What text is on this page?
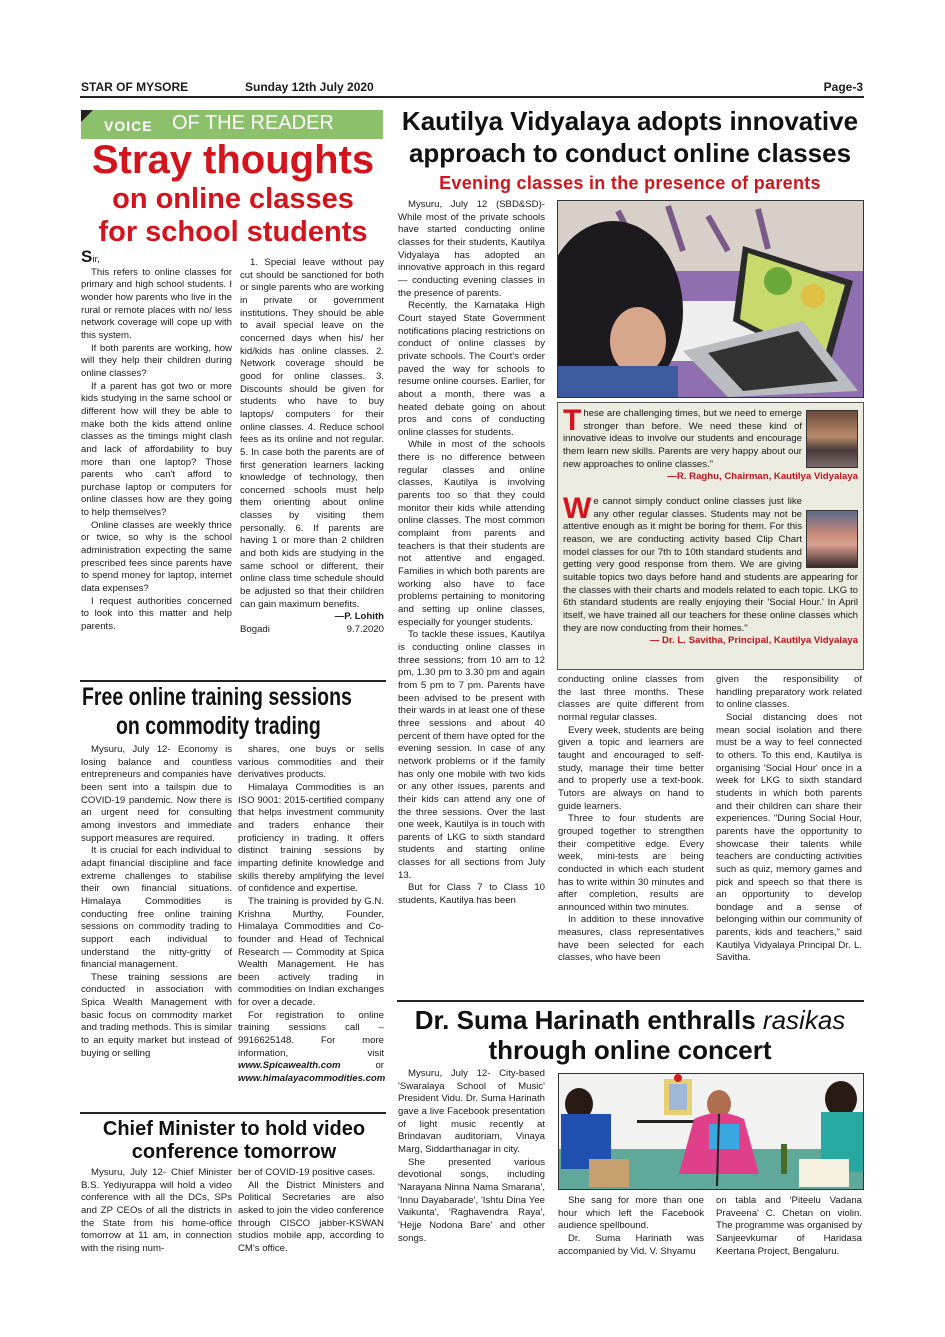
STAR OF MYSORE	Sunday 12th July 2020	Page-3
VOICE OF THE READER
Stray thoughts
on online classes
for school students

Sir,

This refers to online classes for primary and high school students. I wonder how parents who live in the rural or remote places with no/ less network coverage will cope up with this system.

If both parents are working, how will they help their children during online classes?

If a parent has got two or more kids studying in the same school or different how will they be able to make both the kids attend online classes as the timings might clash and lack of affordability to buy more than one laptop? Those parents who can't afford to purchase laptop or computers for online classes how are they going to help themselves?

Online classes are weekly thrice or twice, so why is the school administration expecting the same prescribed fees since parents have to spend money for laptop, internet data expenses?

I request authorities concerned to look into this matter and help parents.

1. Special leave without pay cut should be sanctioned for both or single parents who are working in private or government institutions. They should be able to avail special leave on the concerned days when his/ her kid/kids has online classes. 2. Network coverage should be good for online classes. 3. Discounts should be given for students who have to buy laptops/ computers for their online classes. 4. Reduce school fees as its online and not regular. 5. In case both the parents are of first generation learners lacking knowledge of technology, then concerned schools must help them orienting about online classes by visiting them personally. 6. If parents are having 1 or more than 2 children and both kids are studying in the same school or different, their online class time schedule should be adjusted so that their children can gain maximum benefits.

—P. Lohith
Bogadi	9.7.2020
Free online training sessions
on commodity trading

Mysuru, July 12- Economy is losing balance and countless entrepreneurs and companies have been sent into a tailspin due to COVID-19 pandemic. Now there is an urgent need for consulting among investors and immediate support measures are required.

It is crucial for each individual to adapt financial discipline and face extreme challenges to stabilise their own financial situations. Himalaya Commodities is conducting free online training sessions on commodity trading to support each individual to understand the nitty-gritty of financial management.

These training sessions are conducted in association with Spica Wealth Management with basic focus on commodity market and trading methods. This is similar to an equity market but instead of buying or selling

shares, one buys or sells various commodities and their derivatives products.

Himalaya Commodities is an ISO 9001: 2015-certified company that helps investment community and traders enhance their proficiency in trading. It offers distinct training sessions by imparting definite knowledge and skills thereby amplifying the level of confidence and expertise.

The training is provided by G.N. Krishna Murthy, Founder, Himalaya Commodities and Co-founder and Head of Technical Research — Commodity at Spica Wealth Management. He has been actively trading in commodities on Indian exchanges for over a decade.

For registration to online training sessions call – 9916625148. For more information, visit www.Spicawealth.com or www.himalayacommodities.com

Chief Minister to hold video
conference tomorrow

Mysuru, July 12- Chief Minister B.S. Yediyurappa will hold a video conference with all the DCs, SPs and ZP CEOs of all the districts in the State from his home-office tomorrow at 11 am, in connection with the rising num-

ber of COVID-19 positive cases.

All the District Ministers and Political Secretaries are also asked to join the video conference through CISCO jabber-KSWAN studios mobile app, according to CM's office.

Kautilya Vidyalaya adopts innovative
approach to conduct online classes
Evening classes in the presence of parents

Mysuru, July 12 (SBD&SD)- While most of the private schools have started conducting online classes for their students, Kautilya Vidyalaya has adopted an innovative approach in this regard — conducting evening classes in the presence of parents.

Recently, the Karnataka High Court stayed State Government notifications placing restrictions on conduct of online classes by private schools. The Court's order paved the way for schools to resume online courses. Earlier, for about a month, there was a heated debate going on about pros and cons of conducting online classes for students.

While in most of the schools there is no difference between regular classes and online classes, Kautilya is involving parents too so that they could monitor their kids while attending online classes. The most common complaint from parents and teachers is that their students are not attentive and engaged. Families in which both parents are working also have to face problems pertaining to monitoring and setting up online classes, especially for younger students.

To tackle these issues, Kautilya is conducting online classes in three sessions; from 10 am to 12 pm, 1.30 pm to 3.30 pm and again from 5 pm to 7 pm. Parents have been advised to be present with their wards in at least one of these three sessions and about 40 percent of them have opted for the evening session. In case of any network problems or if the family has only one mobile with two kids or any other issues, parents and their kids can attend any one of the three sessions. Over the last one week, Kautilya is in touch with parents of LKG to sixth standard students and starting online classes for all sections from July 13.

But for Class 7 to Class 10 students, Kautilya has been

These are challenging times, but we need to emerge stronger than before. We need these kind of innovative ideas to involve our students and encourage them learn new skills. Parents are very happy about our new approaches to online classes."

—R. Raghu, Chairman, Kautilya Vidyalaya

We cannot simply conduct online classes just like any other regular classes. Students may not be attentive enough as it might be boring for them. For this reason, we are conducting activity based Clip Chart model classes for our 7th to 10th standard students and getting very good response from them. We are giving suitable topics two days before hand and students are appearing for the classes with their charts and models related to each topic. LKG to 6th standard students are really enjoying their 'Social Hour.' In April itself, we have trained all our teachers for these online classes which they are now conducting from their homes."

— Dr. L. Savitha, Principal, Kautilya Vidyalaya

conducting online classes from the last three months. These classes are quite different from normal regular classes.

Every week, students are being given a topic and learners are taught and encouraged to self-study, manage their time better and to properly use a text-book. Tutors are always on hand to guide learners.

Three to four students are grouped together to strengthen their competitive edge. Every week, mini-tests are being conducted in which each student has to write within 30 minutes and after completion, results are announced within two minutes.

In addition to these innovative measures, class representatives have been selected for each classes, who have been

given the responsibility of handling preparatory work related to online classes.

Social distancing does not mean social isolation and there must be a way to feel connected to others. To this end, Kautilya is organising 'Social Hour' once in a week for LKG to sixth standard students in which both parents and their children can share their experiences. "During Social Hour, parents have the opportunity to showcase their talents while teachers are conducting activities such as quiz, memory games and pick and speech so that there is an opportunity to develop bondage and a sense of belonging within our community of parents, kids and teachers," said Kautilya Vidyalaya Principal Dr. L. Savitha.

Dr. Suma Harinath enthralls rasikas
through online concert

Mysuru, July 12- City-based 'Swaralaya School of Music' President Vidu. Dr. Suma Harinath gave a live Facebook presentation of light music recently at Brindavan auditoriam, Vinaya Marg, Siddarthanagar in city.

She presented various devotional songs, including 'Narayana Ninna Nama Smarana', 'Innu Dayabarade', 'Ishtu Dina Yee Vaikunta', 'Raghavendra Raya', 'Hejje Nodona Bare' and other songs.

She sang for more than one hour which left the Facebook audience spellbound.

Dr. Suma Harinath was accompanied by Vid. V. Shyamu

on tabla and 'Piteelu Vadana Praveena' C. Chetan on violin. The programme was organised by Sanjeevkumar of Haridasa Keertana Project, Bengaluru.
